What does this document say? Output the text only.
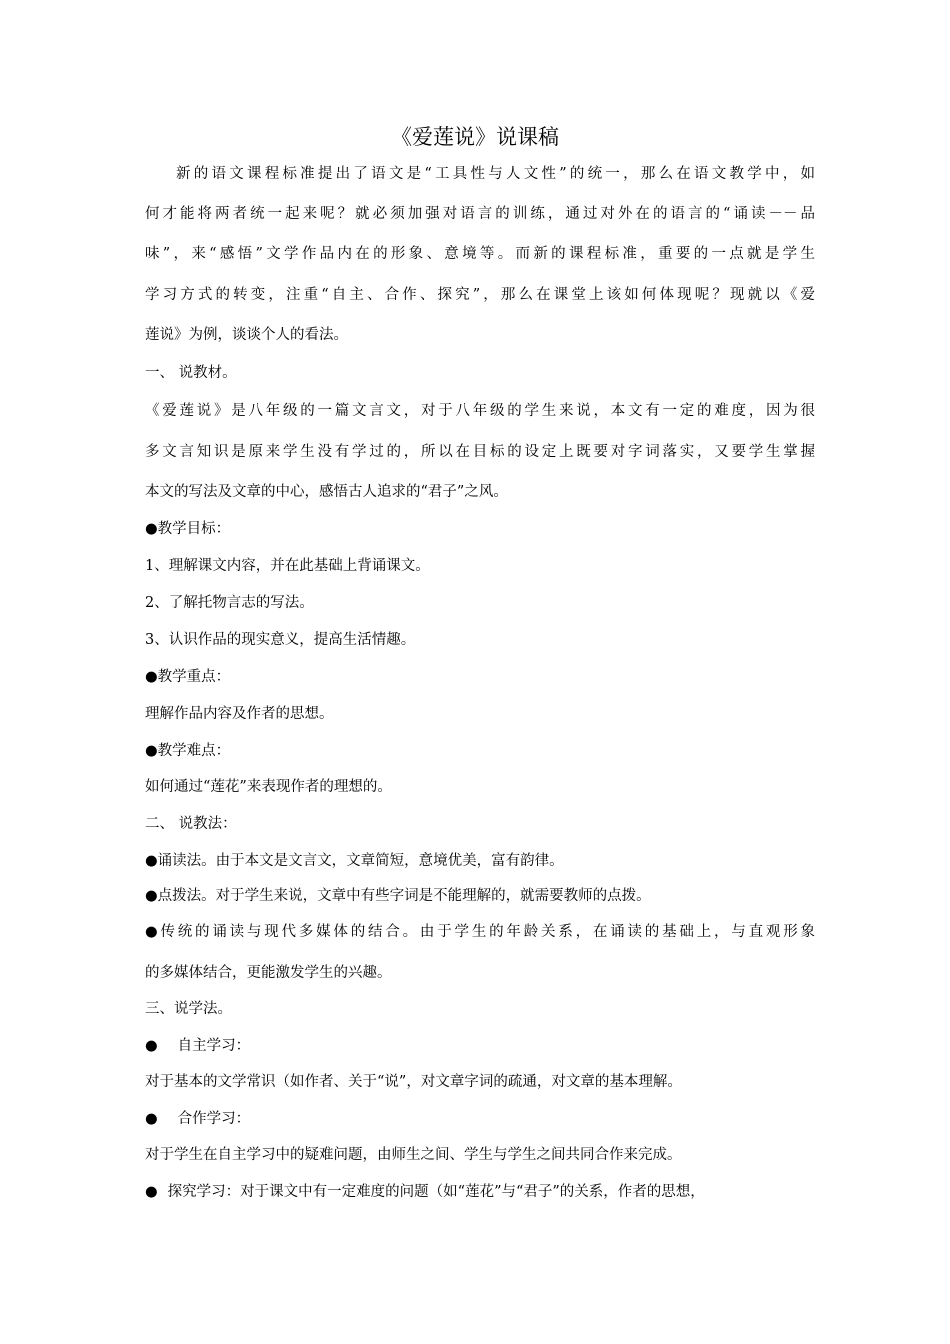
《爱莲说》说课稿
新的语文课程标准提出了语文是“工具性与人文性”的统一，那么在语文教学中，如
何才能将两者统一起来呢？就必须加强对语言的训练，通过对外在的语言的“诵读－－品
味”，来“感悟”文学作品内在的形象、意境等。而新的课程标准，重要的一点就是学生
学习方式的转变，注重“自主、合作、探究”，那么在课堂上该如何体现呢？现就以《爱
莲说》为例，谈谈个人的看法。
一、 说教材。
《爱莲说》是八年级的一篇文言文，对于八年级的学生来说，本文有一定的难度，因为很
多文言知识是原来学生没有学过的，所以在目标的设定上既要对字词落实，又要学生掌握
本文的写法及文章的中心，感悟古人追求的“君子”之风。
●教学目标：
1、理解课文内容，并在此基础上背诵课文。
2、了解托物言志的写法。
3、认识作品的现实意义，提高生活情趣。
●教学重点：
理解作品内容及作者的思想。
●教学难点：
如何通过“莲花”来表现作者的理想的。
二、 说教法：
●诵读法。由于本文是文言文，文章简短，意境优美，富有韵律。
●点拨法。对于学生来说，文章中有些字词是不能理解的，就需要教师的点拨。
●传统的诵读与现代多媒体的结合。由于学生的年龄关系，在诵读的基础上，与直观形象
的多媒体结合，更能激发学生的兴趣。
三、说学法。
● 自主学习：
对于基本的文学常识（如作者、关于“说”，对文章字词的疏通，对文章的基本理解。
● 合作学习：
对于学生在自主学习中的疑难问题，由师生之间、学生与学生之间共同合作来完成。
● 探究学习：对于课文中有一定难度的问题（如“莲花”与“君子”的关系，作者的思想，
